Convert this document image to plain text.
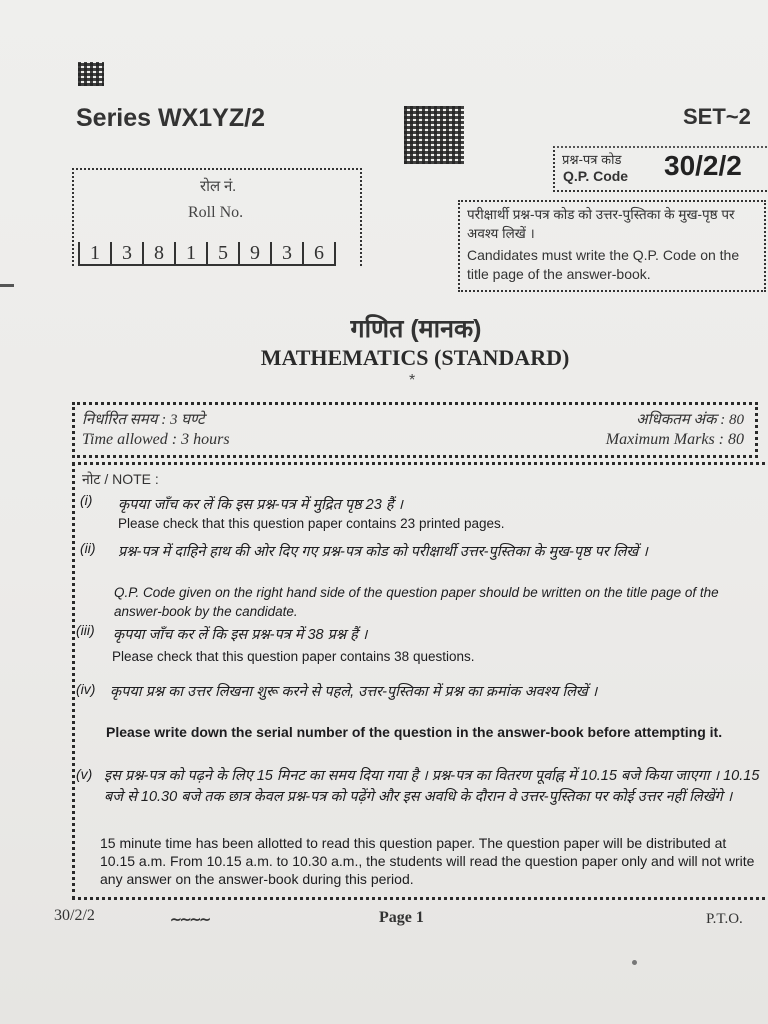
Series WX1YZ/2	SET~2
प्रश्न-पत्र कोड
Q.P. Code 30/2/2
रोल नं.
Roll No.
1	3	8	1	5	9	3	6
परीक्षार्थी प्रश्न-पत्र कोड को उत्तर-पुस्तिका के मुख-पृष्ठ पर अवश्य लिखें ।
Candidates must write the Q.P. Code on the title page of the answer-book.
गणित (मानक)
MATHEMATICS (STANDARD)
*
निर्धारित समय : 3 घण्टे
Time allowed : 3 hours
अधिकतम अंक : 80
Maximum Marks : 80
नोट / NOTE :
(i) कृपया जाँच कर लें कि इस प्रश्न-पत्र में मुद्रित पृष्ठ 23 हैं ।
Please check that this question paper contains 23 printed pages.
(ii) प्रश्न-पत्र में दाहिने हाथ की ओर दिए गए प्रश्न-पत्र कोड को परीक्षार्थी उत्तर-पुस्तिका के मुख-पृष्ठ पर लिखें ।
Q.P. Code given on the right hand side of the question paper should be written on the title page of the answer-book by the candidate.
(iii) कृपया जाँच कर लें कि इस प्रश्न-पत्र में 38 प्रश्न हैं ।
Please check that this question paper contains 38 questions.
(iv) कृपया प्रश्न का उत्तर लिखना शुरू करने से पहले, उत्तर-पुस्तिका में प्रश्न का क्रमांक अवश्य लिखें ।
Please write down the serial number of the question in the answer-book before attempting it.
(v) इस प्रश्न-पत्र को पढ़ने के लिए 15 मिनट का समय दिया गया है । प्रश्न-पत्र का वितरण पूर्वाह्न में 10.15 बजे किया जाएगा । 10.15 बजे से 10.30 बजे तक छात्र केवल प्रश्न-पत्र को पढ़ेंगे और इस अवधि के दौरान वे उत्तर-पुस्तिका पर कोई उत्तर नहीं लिखेंगे ।
15 minute time has been allotted to read this question paper. The question paper will be distributed at 10.15 a.m. From 10.15 a.m. to 10.30 a.m., the students will read the question paper only and will not write any answer on the answer-book during this period.
30/2/2	∼∼∼∼	Page 1	P.T.O.
